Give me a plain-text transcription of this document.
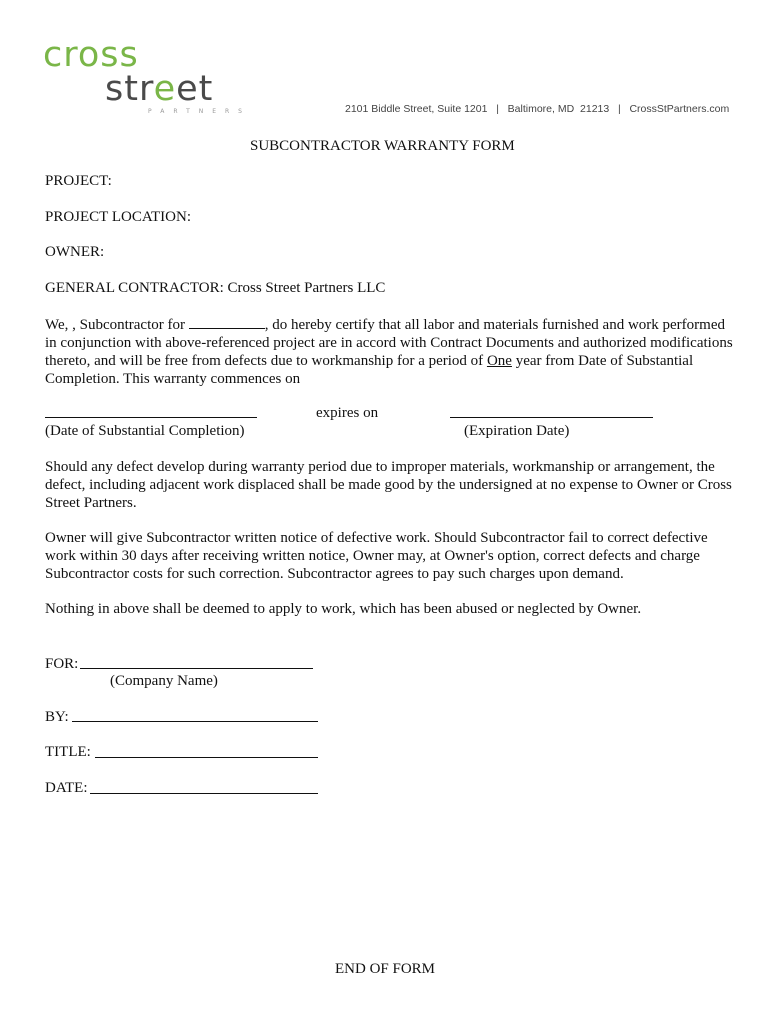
cross
street
PARTNERS	2101 Biddle Street, Suite 1201   |   Baltimore, MD  21213   |   CrossStPartners.com
SUBCONTRACTOR WARRANTY FORM
PROJECT:
PROJECT LOCATION:
OWNER:
GENERAL CONTRACTOR: Cross Street Partners LLC
We, , Subcontractor for	, do hereby certify that all labor and materials furnished and work performed in conjunction with above-referenced project are in accord with Contract Documents and authorized modifications thereto, and will be free from defects due to workmanship for a period of One year from Date of Substantial Completion. This warranty commences on
expires on
(Date of Substantial Completion)	(Expiration Date)
Should any defect develop during warranty period due to improper materials, workmanship or arrangement, the defect, including adjacent work displaced shall be made good by the undersigned at no expense to Owner or Cross Street Partners.
Owner will give Subcontractor written notice of defective work. Should Subcontractor fail to correct defective work within 30 days after receiving written notice, Owner may, at Owner's option, correct defects and charge Subcontractor costs for such correction. Subcontractor agrees to pay such charges upon demand.
Nothing in above shall be deemed to apply to work, which has been abused or neglected by Owner.
FOR:
(Company Name)
BY:
TITLE:
DATE:
END OF FORM
